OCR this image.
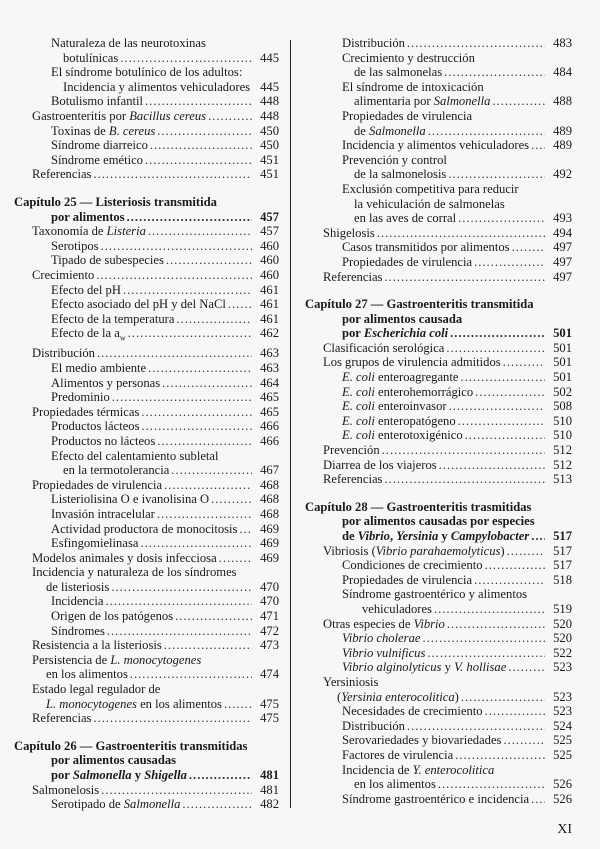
Naturaleza de las neurotoxinas
botulínicas .....	445
El síndrome botulínico de los adultos:
Incidencia y alimentos vehiculadores 445
Botulismo infantil .....	448
Gastroenteritis por Bacillus cereus .....	448
Toxinas de B. cereus .....	450
Síndrome diarreico .....	450
Síndrome emético .....	451
Referencias .....	451
Capítulo 25 — Listeriosis transmitida
por alimentos .....	457
Taxonomía de Listeria .....	457
Serotipos .....	460
Tipado de subespecies .....	460
Crecimiento .....	460
Efecto del pH .....	461
Efecto asociado del pH y del NaCl .....	461
Efecto de la temperatura .....	461
Efecto de la $a_w$ .....	462
Distribución .....	463
El medio ambiente .....	463
Alimentos y personas .....	464
Predominio .....	465
Propiedades térmicas .....	465
Productos lácteos .....	466
Productos no lácteos .....	466
Efecto del calentamiento subletal
en la termotolerancia .....	467
Propiedades de virulencia .....	468
Listeriolisina O e ivanolisina O .....	468
Invasión intracelular .....	468
Actividad productora de monocitosis .....	469
Esfingomielinasa .....	469
Modelos animales y dosis infecciosa .....	469
Incidencia y naturaleza de los síndromes
de listeriosis .....	470
Incidencia .....	470
Origen de los patógenos .....	471
Síndromes .....	472
Resistencia a la listeriosis .....	473
Persistencia de L. monocytogenes
en los alimentos .....	474
Estado legal regulador de
L. monocytogenes en los alimentos .....	475
Referencias .....	475
Capítulo 26 — Gastroenteritis transmitidas
por alimentos causadas
por Salmonella y Shigella .....	481
Salmonelosis .....	481
Serotipado de Salmonella .....	482
Distribución .....	483
Crecimiento y destrucción
de las salmonelas .....	484
El síndrome de intoxicación
alimentaria por Salmonella .....	488
Propiedades de virulencia
de Salmonella .....	489
Incidencia y alimentos vehiculadores .....	489
Prevención y control
de la salmonelosis .....	492
Exclusión competitiva para reducir
la vehiculación de salmonelas
en las aves de corral .....	493
Shigelosis .....	494
Casos transmitidos por alimentos .....	497
Propiedades de virulencia .....	497
Referencias .....	497
Capítulo 27 — Gastroenteritis transmitida
por alimentos causada
por Escherichia coli .....	501
Clasificación serológica .....	501
Los grupos de virulencia admitidos .....	501
E. coli enteroagregante .....	501
E. coli enterohemorrágico .....	502
E. coli enteroinvasor .....	508
E. coli enteropatógeno .....	510
E. coli enterotoxigénico .....	510
Prevención .....	512
Diarrea de los viajeros .....	512
Referencias .....	513
Capítulo 28 — Gastroenteritis trasmitidas
por alimentos causadas por especies
de Vibrio, Yersinia y Campylobacter .....	517
Vibriosis (Vibrio parahaemolyticus) .....	517
Condiciones de crecimiento .....	517
Propiedades de virulencia .....	518
Síndrome gastroentérico y alimentos
vehiculadores .....	519
Otras especies de Vibrio .....	520
Vibrio cholerae .....	520
Vibrio vulnificus .....	522
Vibrio alginolyticus y V. hollisae .....	523
Yersiniosis
(Yersinia enterocolitica) .....	523
Necesidades de crecimiento .....	523
Distribución .....	524
Serovariedades y biovariedades .....	525
Factores de virulencia .....	525
Incidencia de Y. enterocolitica
en los alimentos .....	526
Síndrome gastroentérico e incidencia .....	526
XI
